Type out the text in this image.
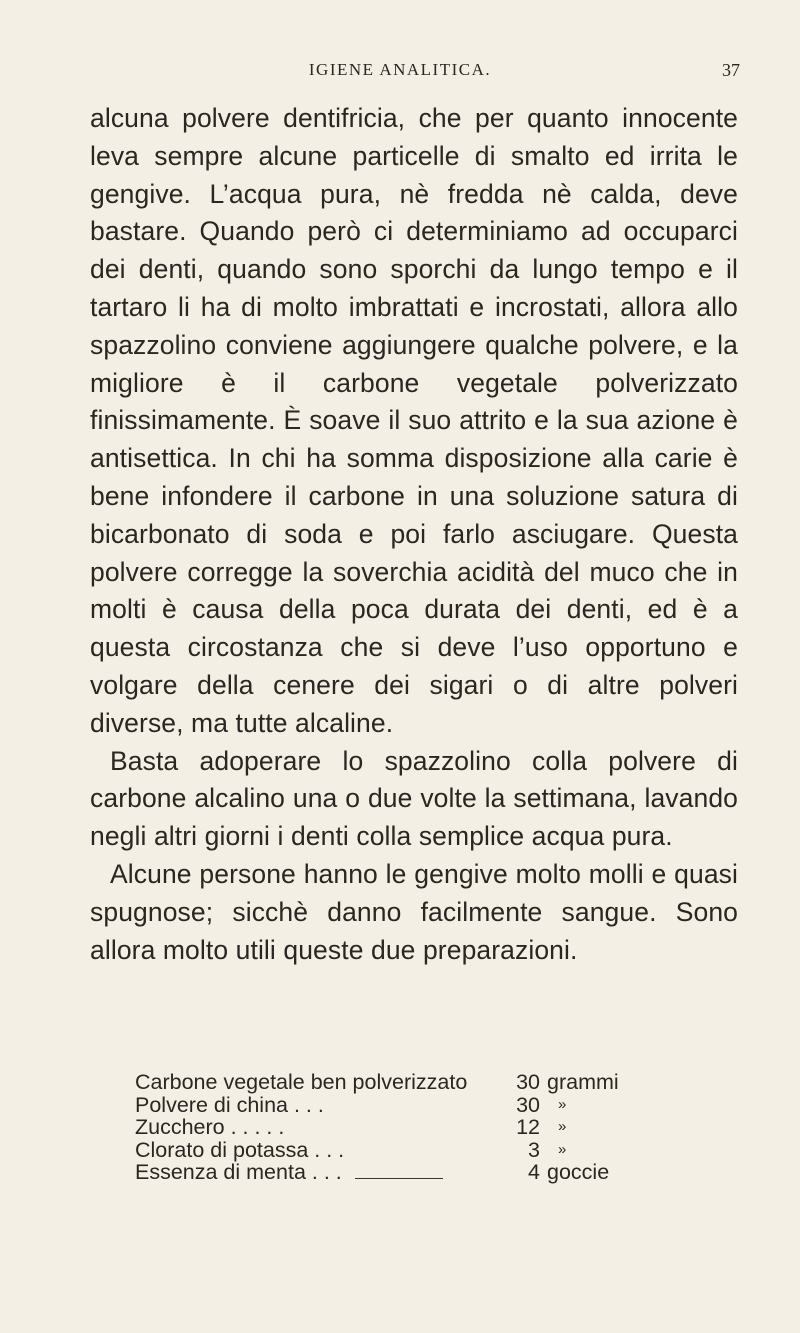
IGIENE ANALITICA.	37

alcuna polvere dentifricia, che per quanto innocente leva sempre alcune particelle di smalto ed irrita le gengive. L’acqua pura, nè fredda nè calda, deve bastare. Quando però ci determiniamo ad occuparci dei denti, quando sono sporchi da lungo tempo e il tartaro li ha di molto imbrattati e incrostati, allora allo spazzolino conviene aggiungere qualche polvere, e la migliore è il carbone vegetale polverizzato finissimamente. È soave il suo attrito e la sua azione è antisettica. In chi ha somma disposizione alla carie è bene infondere il carbone in una soluzione satura di bicarbonato di soda e poi farlo asciugare. Questa polvere corregge la soverchia acidità del muco che in molti è causa della poca durata dei denti, ed è a questa circostanza che si deve l’uso opportuno e volgare della cenere dei sigari o di altre polveri diverse, ma tutte alcaline.

Basta adoperare lo spazzolino colla polvere di carbone alcalino una o due volte la settimana, lavando negli altri giorni i denti colla semplice acqua pura.

Alcune persone hanno le gengive molto molli e quasi spugnose; sicchè danno facilmente sangue. Sono allora molto utili queste due preparazioni.

Carbone vegetale ben polverizzato	30 grammi
Polvere di china . . .	30 »
Zucchero . . . . .	12 »
Clorato di potassa . . .	3 »
Essenza di menta . . .	4 goccie
